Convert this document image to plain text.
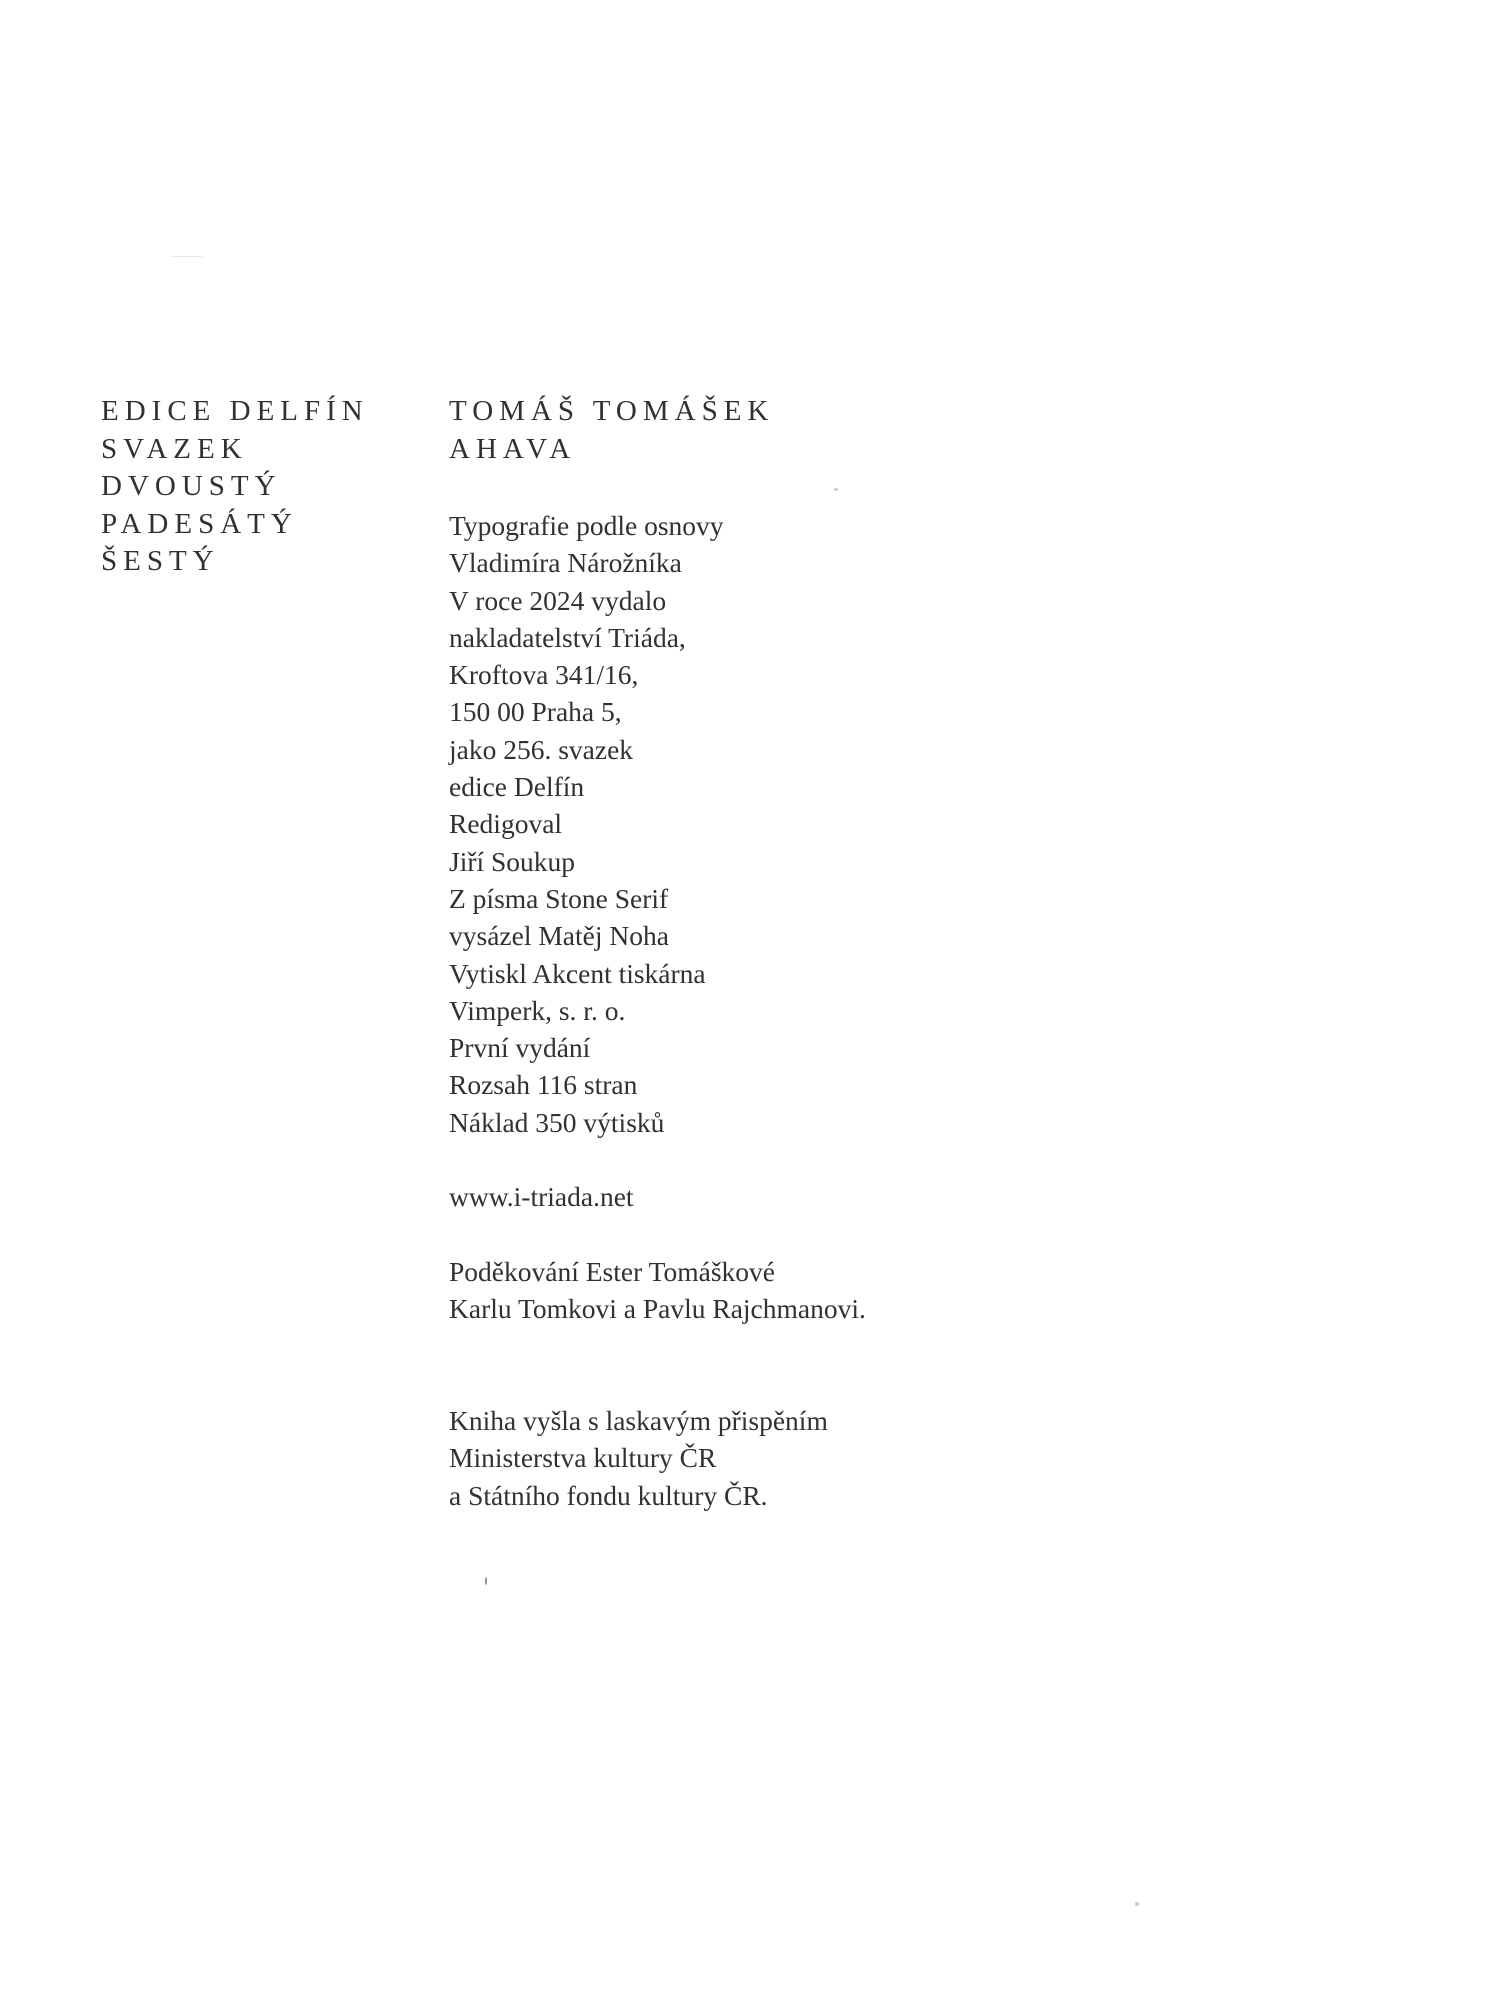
EDICE DELFÍN
SVAZEK
DVOUSTÝ
PADESÁTÝ
ŠESTÝ
TOMÁŠ TOMÁŠEK
AHAVA
Typografie podle osnovy
Vladimíra Nárožníka
V roce 2024 vydalo
nakladatelství Triáda,
Kroftova 341/16,
150 00 Praha 5,
jako 256. svazek
edice Delfín
Redigoval
Jiří Soukup
Z písma Stone Serif
vysázel Matěj Noha
Vytiskl Akcent tiskárna
Vimperk, s. r. o.
První vydání
Rozsah 116 stran
Náklad 350 výtisků
www.i-triada.net
Poděkování Ester Tomáškové
Karlu Tomkovi a Pavlu Rajchmanovi.
Kniha vyšla s laskavým přispěním
Ministerstva kultury ČR
a Státního fondu kultury ČR.
